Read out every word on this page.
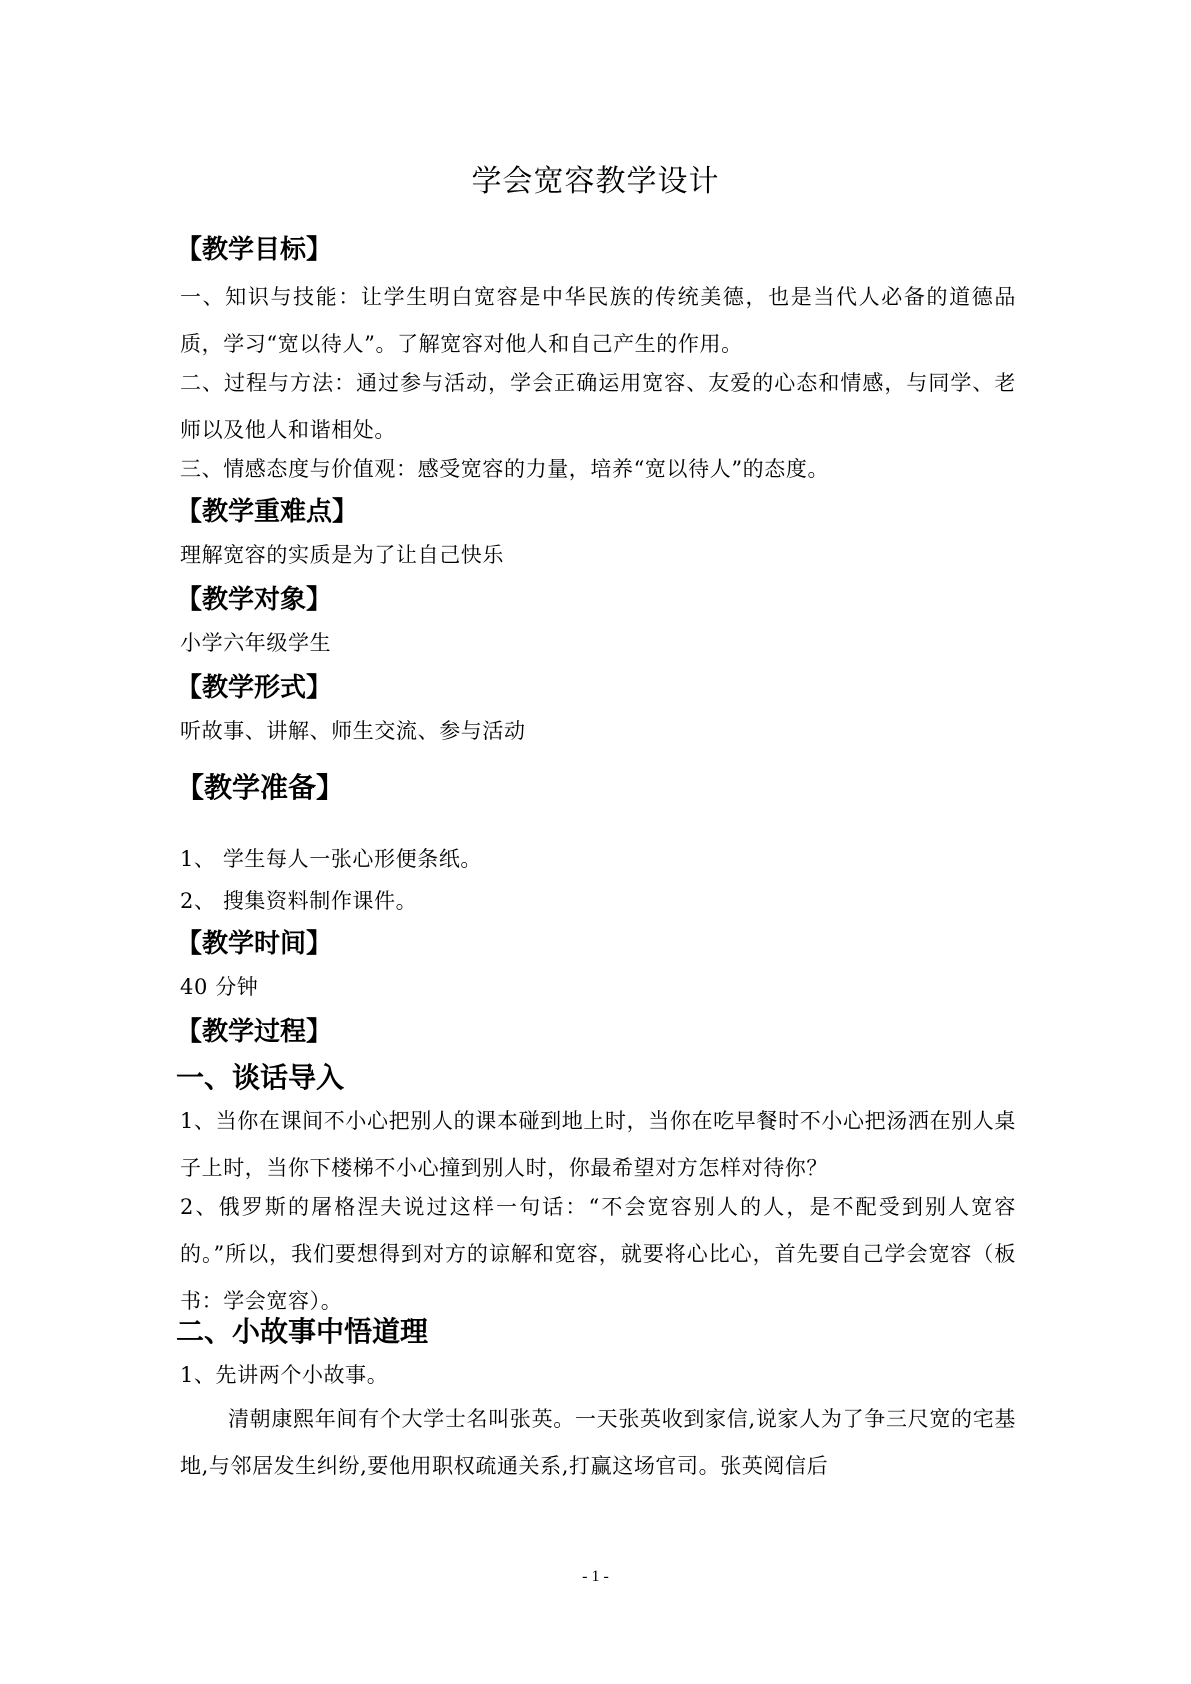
学会宽容教学设计
【教学目标】
一、知识与技能：让学生明白宽容是中华民族的传统美德，也是当代人必备的道德品质，学习“宽以待人”。了解宽容对他人和自己产生的作用。
二、过程与方法：通过参与活动，学会正确运用宽容、友爱的心态和情感，与同学、老师以及他人和谐相处。
三、情感态度与价值观：感受宽容的力量，培养“宽以待人”的态度。
【教学重难点】
理解宽容的实质是为了让自己快乐
【教学对象】
小学六年级学生
【教学形式】
听故事、讲解、师生交流、参与活动
【教学准备】
1、 学生每人一张心形便条纸。
2、 搜集资料制作课件。
【教学时间】
40 分钟
【教学过程】
一、谈话导入
1、当你在课间不小心把别人的课本碰到地上时，当你在吃早餐时不小心把汤洒在别人桌子上时，当你下楼梯不小心撞到别人时，你最希望对方怎样对待你？
2、俄罗斯的屠格涅夫说过这样一句话：“不会宽容别人的人，是不配受到别人宽容的。”所以，我们要想得到对方的谅解和宽容，就要将心比心，首先要自己学会宽容（板书：学会宽容）。
二、小故事中悟道理
1、先讲两个小故事。
清朝康熙年间有个大学士名叫张英。一天张英收到家信,说家人为了争三尺宽的宅基地,与邻居发生纠纷,要他用职权疏通关系,打赢这场官司。张英阅信后
- 1 -
